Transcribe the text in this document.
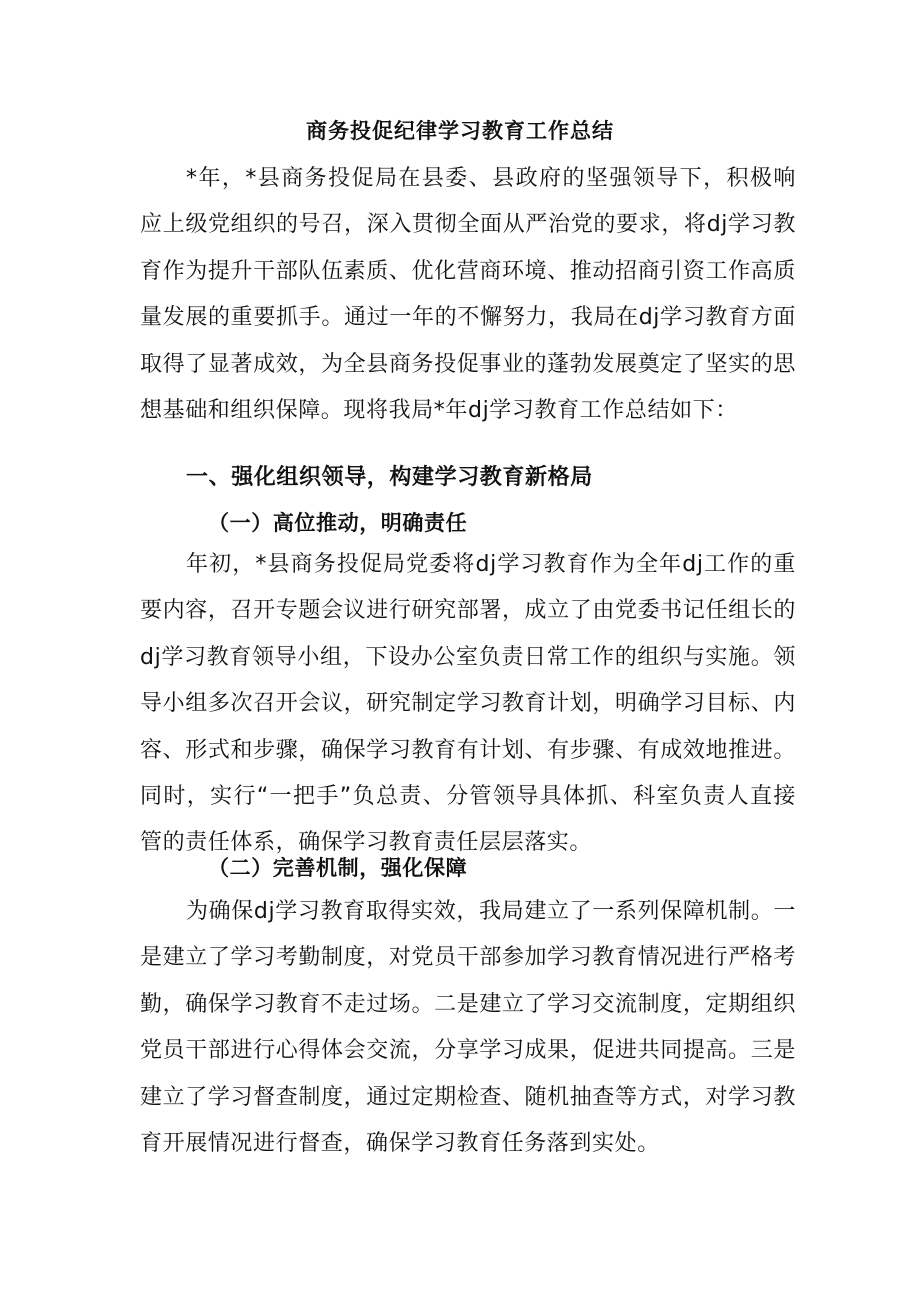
商务投促纪律学习教育工作总结

*年，*县商务投促局在县委、县政府的坚强领导下，积极响应上级党组织的号召，深入贯彻全面从严治党的要求，将dj学习教育作为提升干部队伍素质、优化营商环境、推动招商引资工作高质量发展的重要抓手。通过一年的不懈努力，我局在dj学习教育方面取得了显著成效，为全县商务投促事业的蓬勃发展奠定了坚实的思想基础和组织保障。现将我局*年dj学习教育工作总结如下：

一、强化组织领导，构建学习教育新格局
（一）高位推动，明确责任

年初，*县商务投促局党委将dj学习教育作为全年dj工作的重要内容，召开专题会议进行研究部署，成立了由党委书记任组长的dj学习教育领导小组，下设办公室负责日常工作的组织与实施。领导小组多次召开会议，研究制定学习教育计划，明确学习目标、内容、形式和步骤，确保学习教育有计划、有步骤、有成效地推进。同时，实行“一把手”负总责、分管领导具体抓、科室负责人直接管的责任体系，确保学习教育责任层层落实。

（二）完善机制，强化保障

为确保dj学习教育取得实效，我局建立了一系列保障机制。一是建立了学习考勤制度，对党员干部参加学习教育情况进行严格考勤，确保学习教育不走过场。二是建立了学习交流制度，定期组织党员干部进行心得体会交流，分享学习成果，促进共同提高。三是建立了学习督查制度，通过定期检查、随机抽查等方式，对学习教育开展情况进行督查，确保学习教育任务落到实处。
